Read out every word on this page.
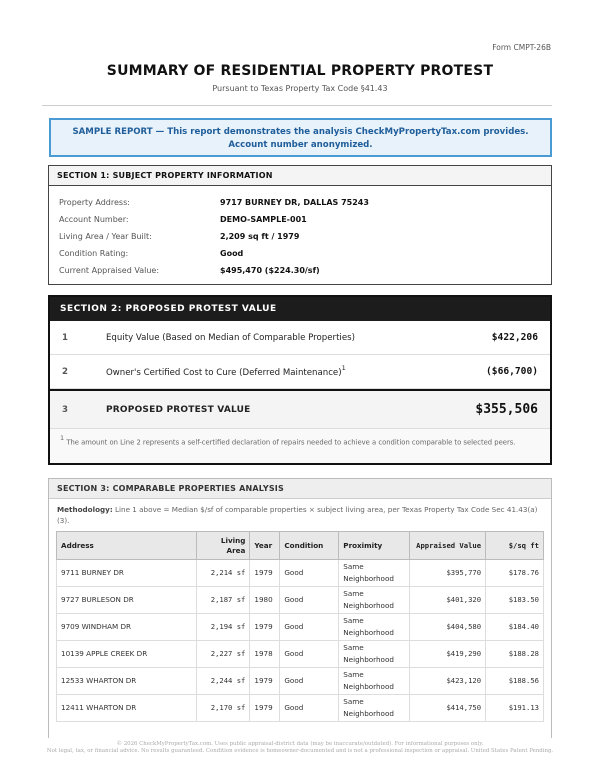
Form CMPT-26B
SUMMARY OF RESIDENTIAL PROPERTY PROTEST
Pursuant to Texas Property Tax Code §41.43
SAMPLE REPORT — This report demonstrates the analysis CheckMyPropertyTax.com provides.
Account number anonymized.
SECTION 1: SUBJECT PROPERTY INFORMATION
Property Address:	9717 BURNEY DR, DALLAS 75243
Account Number:	DEMO-SAMPLE-001
Living Area / Year Built:	2,209 sq ft / 1979
Condition Rating:	Good
Current Appraised Value:	$495,470 ($224.30/sf)
SECTION 2: PROPOSED PROTEST VALUE
1	Equity Value (Based on Median of Comparable Properties)	$422,206
2	Owner's Certified Cost to Cure (Deferred Maintenance)$^1$	($66,700)
3	PROPOSED PROTEST VALUE	$355,506
$^1$ The amount on Line 2 represents a self-certified declaration of repairs needed to achieve a condition comparable to selected peers.
SECTION 3: COMPARABLE PROPERTIES ANALYSIS
Methodology: Line 1 above = Median $/sf of comparable properties × subject living area, per Texas Property Tax Code Sec 41.43(a)(3).
Address	Living Area	Year	Condition	Proximity	Appraised Value	$/sq ft
9711 BURNEY DR	2,214 sf	1979	Good	Same Neighborhood	$395,770	$178.76
9727 BURLESON DR	2,187 sf	1980	Good	Same Neighborhood	$401,320	$183.50
9709 WINDHAM DR	2,194 sf	1979	Good	Same Neighborhood	$404,580	$184.40
10139 APPLE CREEK DR	2,227 sf	1978	Good	Same Neighborhood	$419,290	$188.28
12533 WHARTON DR	2,244 sf	1979	Good	Same Neighborhood	$423,120	$188.56
12411 WHARTON DR	2,170 sf	1979	Good	Same Neighborhood	$414,750	$191.13
© 2026 CheckMyPropertyTax.com. Uses public appraisal-district data (may be inaccurate/outdated). For informational purposes only.
Not legal, tax, or financial advice. No results guaranteed. Condition evidence is homeowner-documented and is not a professional inspection or appraisal. United States Patent Pending.
